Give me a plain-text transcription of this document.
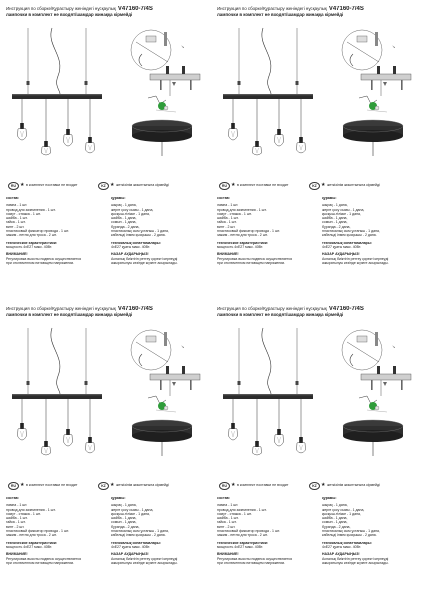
Инструкция по сборке/Құрастыру женiндегi нұсқаулық V47160-7/4S
лампочки в комплект не входят/шамдар жинаққа кiрмейдi
↘
RU ★ в комплект поставки не входит	KZ ★ жеткiзiлiм жиынтығына кiрмейдi
состав:
лампа - 1 шт.
провод для заземления - 1 шт.
хомут - стяжка - 1 шт.
шайба - 1 шт.
гайка - 1 шт.
винт - 2 шт.
пластиковый фиксатор провода - 1 шт.
зажим - петля для троса - 2 шт.
технические характеристики:
мощность 4xE27 макс. 40Вт.
ВНИМАНИЕ!
Регулировка высоты подвеса осуществляется
при отключенном питающем напряжении.
құрамы:
шырақ - 1 дана,
жерге қосу сымы - 1 дана,
қысқыш-тiлiкке - 1 дана,
шайба - 1 дана,
сомын - 1 дана,
бұранда - 2 дана,
пластикалық сым ұстағыш - 1 дана,
кабельдi iлмек қысқышы - 2 дана.
техникалық сипаттамалары:
4xE27 қуаты макс. 40Вт.
НАЗАР АУДАРЫҢЫЗ!
Аспалық биiктiгiн реттеу қоректi кернеудi
ажыратылуы кезiнде жүзеге асырылады.
Инструкция по сборке/Құрастыру женiндегi нұсқаулық V47160-7/4S
лампочки в комплект не входят/шамдар жинаққа кiрмейдi
↘
RU ★ в комплект поставки не входит	KZ ★ жеткiзiлiм жиынтығына кiрмейдi
состав:
лампа - 1 шт.
провод для заземления - 1 шт.
хомут - стяжка - 1 шт.
шайба - 1 шт.
гайка - 1 шт.
винт - 2 шт.
пластиковый фиксатор провода - 1 шт.
зажим - петля для троса - 2 шт.
технические характеристики:
мощность 4xE27 макс. 40Вт.
ВНИМАНИЕ!
Регулировка высоты подвеса осуществляется
при отключенном питающем напряжении.
құрамы:
шырақ - 1 дана,
жерге қосу сымы - 1 дана,
қысқыш-тiлiкке - 1 дана,
шайба - 1 дана,
сомын - 1 дана,
бұранда - 2 дана,
пластикалық сым ұстағыш - 1 дана,
кабельдi iлмек қысқышы - 2 дана.
техникалық сипаттамалары:
4xE27 қуаты макс. 40Вт.
НАЗАР АУДАРЫҢЫЗ!
Аспалық биiктiгiн реттеу қоректi кернеудi
ажыратылуы кезiнде жүзеге асырылады.
Инструкция по сборке/Құрастыру женiндегi нұсқаулық V47160-7/4S
лампочки в комплект не входят/шамдар жинаққа кiрмейдi
↘
RU ★ в комплект поставки не входит	KZ ★ жеткiзiлiм жиынтығына кiрмейдi
состав:
лампа - 1 шт.
провод для заземления - 1 шт.
хомут - стяжка - 1 шт.
шайба - 1 шт.
гайка - 1 шт.
винт - 2 шт.
пластиковый фиксатор провода - 1 шт.
зажим - петля для троса - 2 шт.
технические характеристики:
мощность 4xE27 макс. 40Вт.
ВНИМАНИЕ!
Регулировка высоты подвеса осуществляется
при отключенном питающем напряжении.
құрамы:
шырақ - 1 дана,
жерге қосу сымы - 1 дана,
қысқыш-тiлiкке - 1 дана,
шайба - 1 дана,
сомын - 1 дана,
бұранда - 2 дана,
пластикалық сым ұстағыш - 1 дана,
кабельдi iлмек қысқышы - 2 дана.
техникалық сипаттамалары:
4xE27 қуаты макс. 40Вт.
НАЗАР АУДАРЫҢЫЗ!
Аспалық биiктiгiн реттеу қоректi кернеудi
ажыратылуы кезiнде жүзеге асырылады.
Инструкция по сборке/Құрастыру женiндегi нұсқаулық V47160-7/4S
лампочки в комплект не входят/шамдар жинаққа кiрмейдi
↘
RU ★ в комплект поставки не входит	KZ ★ жеткiзiлiм жиынтығына кiрмейдi
состав:
лампа - 1 шт.
провод для заземления - 1 шт.
хомут - стяжка - 1 шт.
шайба - 1 шт.
гайка - 1 шт.
винт - 2 шт.
пластиковый фиксатор провода - 1 шт.
зажим - петля для троса - 2 шт.
технические характеристики:
мощность 4xE27 макс. 40Вт.
ВНИМАНИЕ!
Регулировка высоты подвеса осуществляется
при отключенном питающем напряжении.
құрамы:
шырақ - 1 дана,
жерге қосу сымы - 1 дана,
қысқыш-тiлiкке - 1 дана,
шайба - 1 дана,
сомын - 1 дана,
бұранда - 2 дана,
пластикалық сым ұстағыш - 1 дана,
кабельдi iлмек қысқышы - 2 дана.
техникалық сипаттамалары:
4xE27 қуаты макс. 40Вт.
НАЗАР АУДАРЫҢЫЗ!
Аспалық биiктiгiн реттеу қоректi кернеудi
ажыратылуы кезiнде жүзеге асырылады.
